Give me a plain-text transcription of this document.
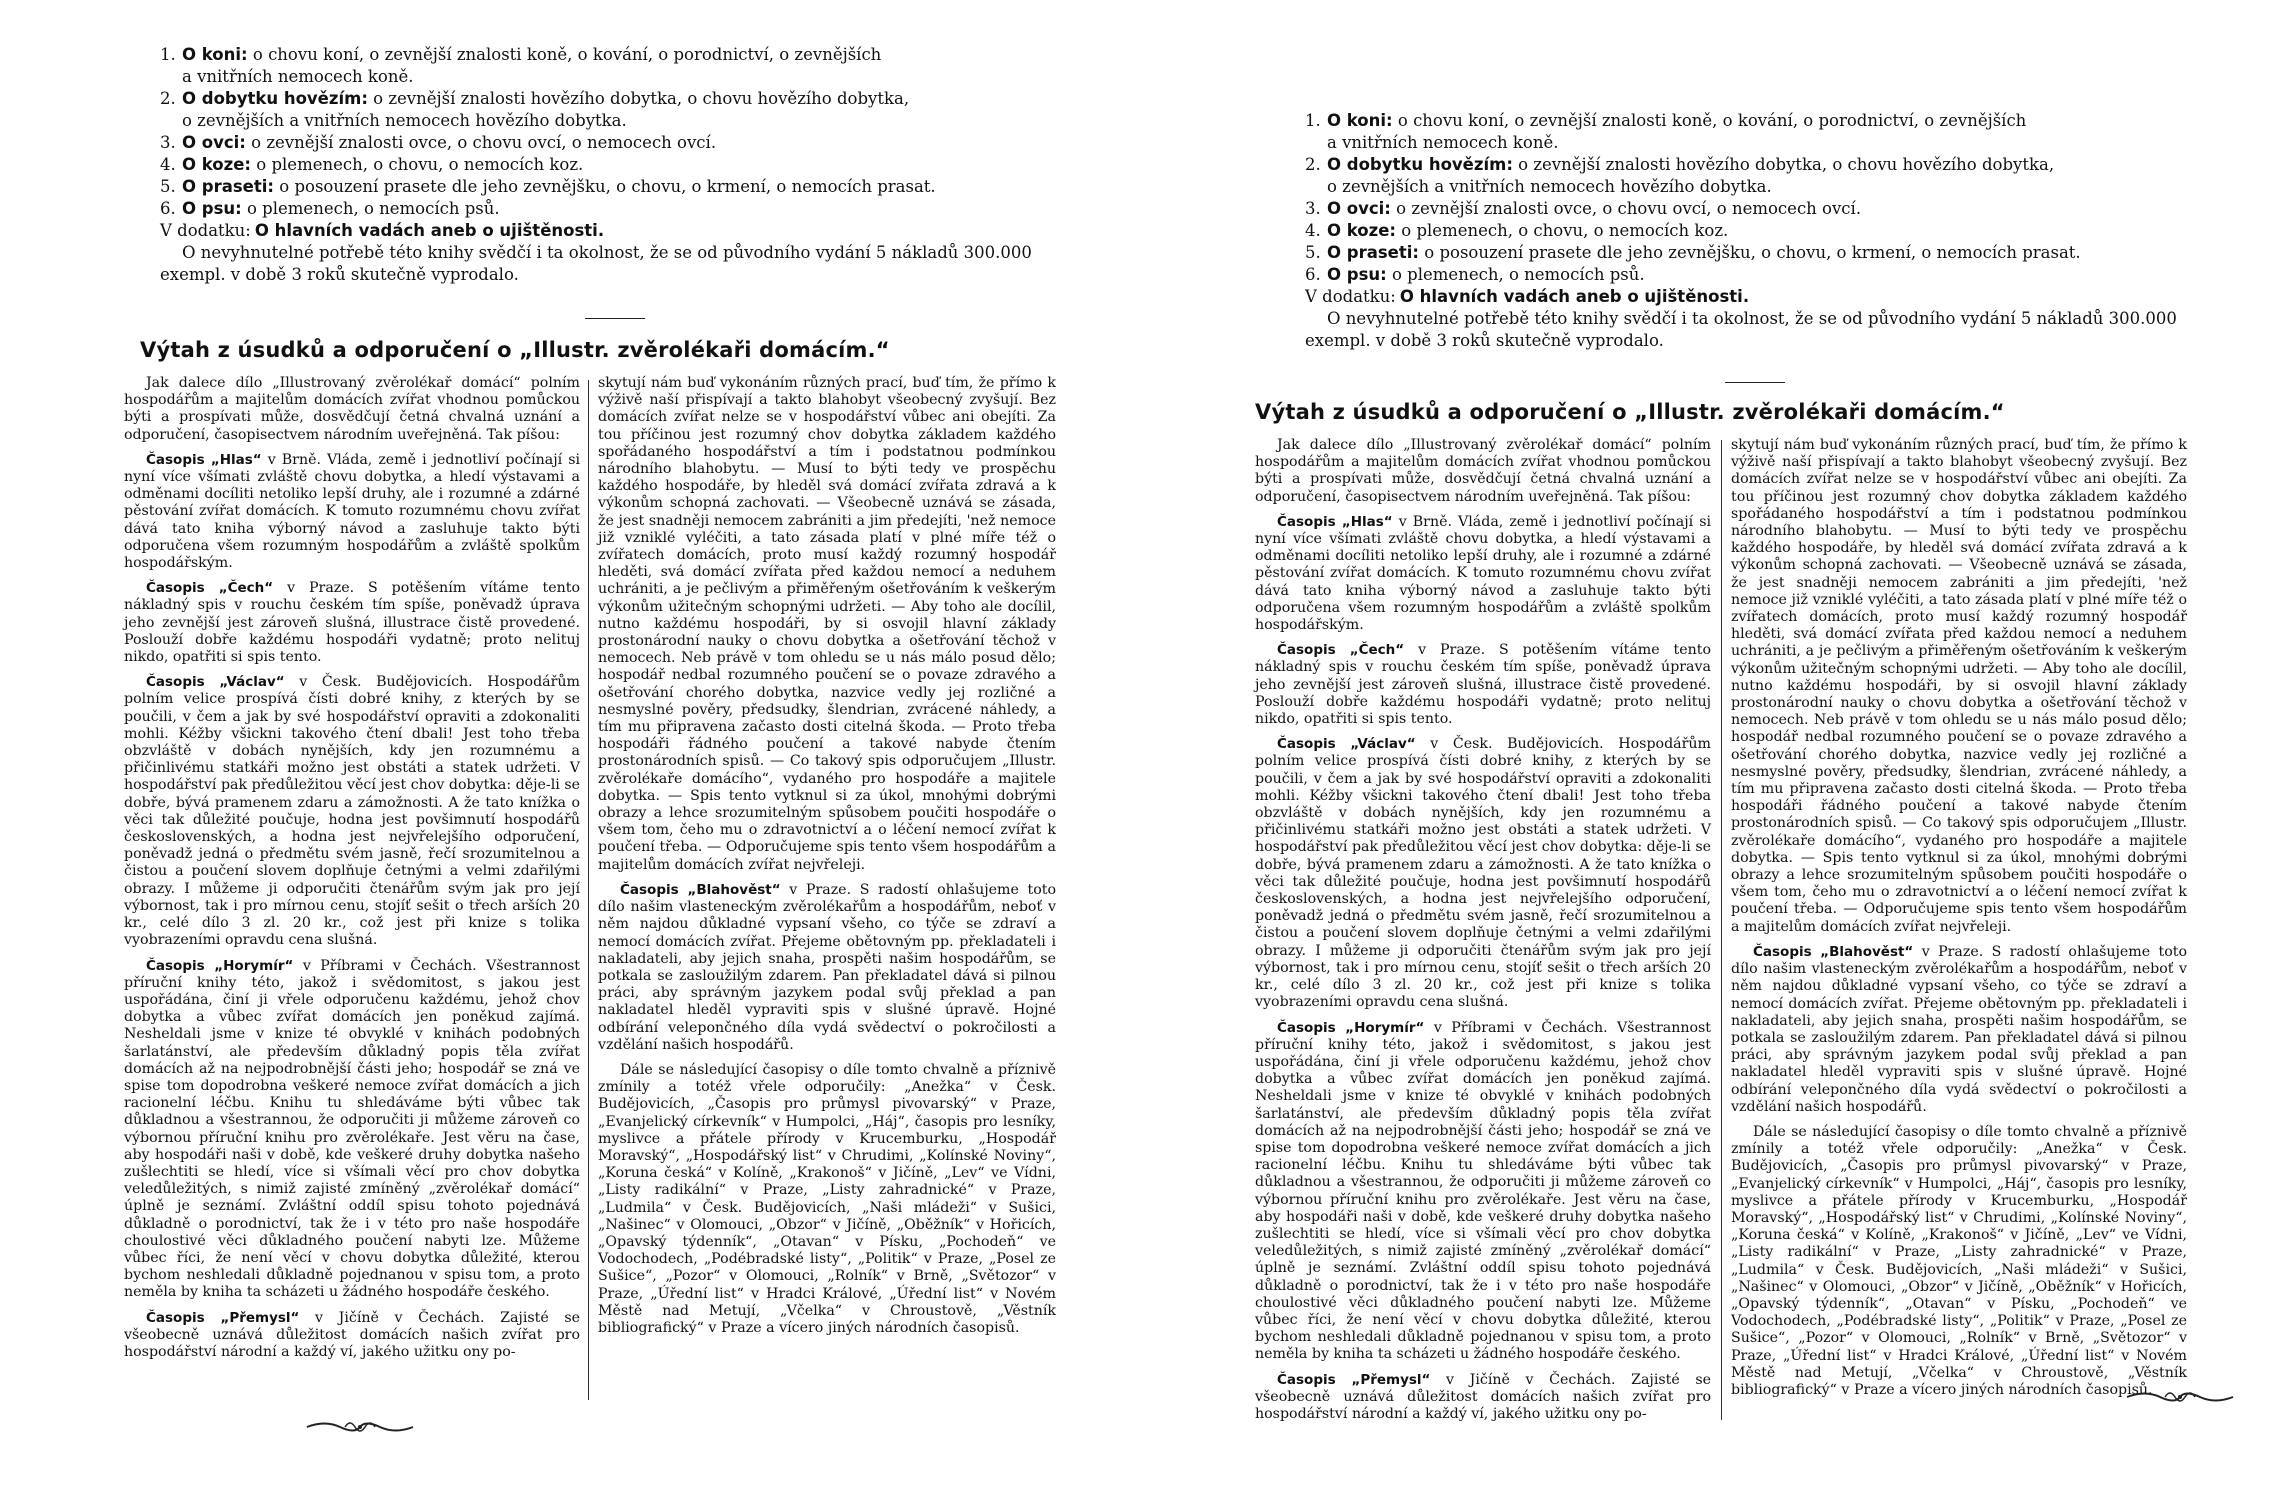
1. O koni: o chovu koní, o zevnější znalosti koně, o kování, o porodnictví, o zevnějších
a vnitřních nemocech koně.
2. O dobytku hovězím: o zevnější znalosti hovězího dobytka, o chovu hovězího dobytka,
o zevnějších a vnitřních nemocech hovězího dobytka.
3. O ovci: o zevnější znalosti ovce, o chovu ovcí, o nemocech ovcí.
4. O koze: o plemenech, o chovu, o nemocích koz.
5. O praseti: o posouzení prasete dle jeho zevnějšku, o chovu, o krmení, o nemocích prasat.
6. O psu: o plemenech, o nemocích psů.
V dodatku: O hlavních vadách aneb o ujištěnosti.
O nevyhnutelné potřebě této knihy svědčí i ta okolnost, že se od původního vydání 5 nákladů 300.000 exempl. v době 3 roků skutečně vyprodalo.
Výtah z úsudků a odporučení o „Illustr. zvěrolékaři domácím.“

Jak dalece dílo „Illustrovaný zvěrolékař domácí“ polním hospodářům a majitelům domácích zvířat vhodnou pomůckou býti a prospívati může, dosvědčují četná chvalná uznání a odporučení, časopisectvem národním uveřejněná. Tak píšou:

Časopis „Hlas“ v Brně. Vláda, země i jednotliví počínají si nyní více všímati zvláště chovu dobytka, a hledí výstavami a odměnami docíliti netoliko lepší druhy, ale i rozumné a zdárné pěstování zvířat domácích. K tomuto rozumnému chovu zvířat dává tato kniha výborný návod a zasluhuje takto býti odporučena všem rozumným hospodářům a zvláště spolkům hospodářským.

Časopis „Čech“ v Praze. S potěšením vítáme tento nákladný spis v rouchu českém tím spíše, poněvadž úprava jeho zevnější jest zároveň slušná, illustrace čistě provedené. Poslouží dobře každému hospodáři vydatně; proto nelituj nikdo, opatřiti si spis tento.

Časopis „Václav“ v Česk. Budějovicích. Hospodářům polním velice prospívá čísti dobré knihy, z kterých by se poučili, v čem a jak by své hospodářství opraviti a zdokonaliti mohli. Kéžby všickni takového čtení dbali! Jest toho třeba obzvláště v dobách nynějších, kdy jen rozumnému a přičinlivému statkáři možno jest obstáti a statek udržeti. V hospodářství pak předůležitou věcí jest chov dobytka: děje-li se dobře, bývá pramenem zdaru a zámožnosti. A že tato knížka o věci tak důležité poučuje, hodna jest povšimnutí hospodářů československých, a hodna jest nejvřelejšího odporučení, poněvadž jedná o předmětu svém jasně, řečí srozumitelnou a čistou a poučení slovem doplňuje četnými a velmi zdařilými obrazy. I můžeme ji odporučiti čtenářům svým jak pro její výbornost, tak i pro mírnou cenu, stojíť sešit o třech arších 20 kr., celé dílo 3 zl. 20 kr., což jest při knize s tolika vyobrazeními opravdu cena slušná.

Časopis „Horymír“ v Příbrami v Čechách. Všestrannost příruční knihy této, jakož i svědomitost, s jakou jest uspořádána, činí ji vřele odporučenu každému, jehož chov dobytka a vůbec zvířat domácích jen poněkud zajímá. Nesheldali jsme v knize té obvyklé v knihách podobných šarlatánství, ale především důkladný popis těla zvířat domácích až na nejpodrobnější části jeho; hospodář se zná ve spise tom dopodrobna veškeré nemoce zvířat domácích a jich racionelní léčbu. Knihu tu shledáváme býti vůbec tak důkladnou a všestrannou, že odporučiti ji můžeme zároveň co výbornou příruční knihu pro zvěrolékaře. Jest věru na čase, aby hospodáři naši v době, kde veškeré druhy dobytka našeho zušlechtiti se hledí, více si všímali věcí pro chov dobytka veledůležitých, s nimiž zajisté zmíněný „zvěrolékař domácí“ úplně je seznámí. Zvláštní oddíl spisu tohoto pojednává důkladně o porodnictví, tak že i v této pro naše hospodáře choulostivé věci důkladného poučení nabyti lze. Můžeme vůbec říci, že není věcí v chovu dobytka důležité, kterou bychom neshledali důkladně pojednanou v spisu tom, a proto neměla by kniha ta scházeti u žádného hospodáře českého.

Časopis „Přemysl“ v Jičíně v Čechách. Zajisté se všeobecně uznává důležitost domácích našich zvířat pro hospodářství národní a každý ví, jakého užitku ony po-

skytují nám buď vykonáním různých prací, buď tím, že přímo k výživě naší přispívají a takto blahobyt všeobecný zvyšují. Bez domácích zvířat nelze se v hospodářství vůbec ani obejíti. Za tou příčinou jest rozumný chov dobytka základem každého spořádaného hospodářství a tím i podstatnou podmínkou národního blahobytu. — Musí to býti tedy ve prospěchu každého hospodáře, by hleděl svá domácí zvířata zdravá a k výkonům schopná zachovati. — Všeobecně uznává se zásada, že jest snadněji nemocem zabrániti a jim předejíti, 'než nemoce již vzniklé vyléčiti, a tato zásada platí v plné míře též o zvířatech domácích, proto musí každý rozumný hospodář hleděti, svá domácí zvířata před každou nemocí a neduhem uchrániti, a je pečlivým a přiměřeným ošetřováním k veškerým výkonům užitečným schopnými udržeti. — Aby toho ale docílil, nutno každému hospodáři, by si osvojil hlavní základy prostonárodní nauky o chovu dobytka a ošetřování těchož v nemocech. Neb právě v tom ohledu se u nás málo posud dělo; hospodář nedbal rozumného poučení se o povaze zdravého a ošetřování chorého dobytka, nazvice vedly jej rozličné a nesmyslné pověry, předsudky, šlendrian, zvrácené náhledy, a tím mu připravena začasto dosti citelná škoda. — Proto třeba hospodáři řádného poučení a takové nabyde čtením prostonárodních spisů. — Co takový spis odporučujem „Illustr. zvěrolékaře domácího“, vydaného pro hospodáře a majitele dobytka. — Spis tento vytknul si za úkol, mnohými dobrými obrazy a lehce srozumitelným spůsobem poučiti hospodáře o všem tom, čeho mu o zdravotnictví a o léčení nemocí zvířat k poučení třeba. — Odporučujeme spis tento všem hospodářům a majitelům domácích zvířat nejvřeleji.

Časopis „Blahověst“ v Praze. S radostí ohlašujeme toto dílo našim vlasteneckým zvěrolékařům a hospodářům, neboť v něm najdou důkladné vypsaní všeho, co týče se zdraví a nemocí domácích zvířat. Přejeme obětovným pp. překladateli i nakladateli, aby jejich snaha, prospěti našim hospodářům, se potkala se zasloužilým zdarem. Pan překladatel dává si pilnou práci, aby správným jazykem podal svůj překlad a pan nakladatel hleděl vypraviti spis v slušné úpravě. Hojné odbírání velepončného díla vydá svědectví o pokročilosti a vzdělání našich hospodářů.

Dále se následující časopisy o díle tomto chvalně a příznivě zmínily a totéž vřele odporučily: „Anežka“ v Česk. Budějovicích, „Časopis pro průmysl pivovarský“ v Praze, „Evanjelický církevník“ v Humpolci, „Háj“, časopis pro lesníky, myslivce a přátele přírody v Krucemburku, „Hospodář Moravský“, „Hospodářský list“ v Chrudimi, „Kolínské Noviny“, „Koruna česká“ v Kolíně, „Krakonoš“ v Jičíně, „Lev“ ve Vídni, „Listy radikální“ v Praze, „Listy zahradnické“ v Praze, „Ludmila“ v Česk. Budějovicích, „Naši mládeži“ v Sušici, „Našinec“ v Olomouci, „Obzor“ v Jičíně, „Oběžník“ v Hořicích, „Opavský týdenník“, „Otavan“ v Písku, „Pochodeň“ ve Vodochodech, „Podébradské listy“, „Politik“ v Praze, „Posel ze Sušice“, „Pozor“ v Olomouci, „Rolník“ v Brně, „Světozor“ v Praze, „Úřední list“ v Hradci Králové, „Úřední list“ v Novém Městě nad Metují, „Včelka“ v Chroustově, „Věstník bibliografický“ v Praze a vícero jiných národních časopisů.

1. O koni: o chovu koní, o zevnější znalosti koně, o kování, o porodnictví, o zevnějších
a vnitřních nemocech koně.
2. O dobytku hovězím: o zevnější znalosti hovězího dobytka, o chovu hovězího dobytka,
o zevnějších a vnitřních nemocech hovězího dobytka.
3. O ovci: o zevnější znalosti ovce, o chovu ovcí, o nemocech ovcí.
4. O koze: o plemenech, o chovu, o nemocích koz.
5. O praseti: o posouzení prasete dle jeho zevnějšku, o chovu, o krmení, o nemocích prasat.
6. O psu: o plemenech, o nemocích psů.
V dodatku: O hlavních vadách aneb o ujištěnosti.
O nevyhnutelné potřebě této knihy svědčí i ta okolnost, že se od původního vydání 5 nákladů 300.000 exempl. v době 3 roků skutečně vyprodalo.
Výtah z úsudků a odporučení o „Illustr. zvěrolékaři domácím.“

Jak dalece dílo „Illustrovaný zvěrolékař domácí“ polním hospodářům a majitelům domácích zvířat vhodnou pomůckou býti a prospívati může, dosvědčují četná chvalná uznání a odporučení, časopisectvem národním uveřejněná. Tak píšou:

Časopis „Hlas“ v Brně. Vláda, země i jednotliví počínají si nyní více všímati zvláště chovu dobytka, a hledí výstavami a odměnami docíliti netoliko lepší druhy, ale i rozumné a zdárné pěstování zvířat domácích. K tomuto rozumnému chovu zvířat dává tato kniha výborný návod a zasluhuje takto býti odporučena všem rozumným hospodářům a zvláště spolkům hospodářským.

Časopis „Čech“ v Praze. S potěšením vítáme tento nákladný spis v rouchu českém tím spíše, poněvadž úprava jeho zevnější jest zároveň slušná, illustrace čistě provedené. Poslouží dobře každému hospodáři vydatně; proto nelituj nikdo, opatřiti si spis tento.

Časopis „Václav“ v Česk. Budějovicích. Hospodářům polním velice prospívá čísti dobré knihy, z kterých by se poučili, v čem a jak by své hospodářství opraviti a zdokonaliti mohli. Kéžby všickni takového čtení dbali! Jest toho třeba obzvláště v dobách nynějších, kdy jen rozumnému a přičinlivému statkáři možno jest obstáti a statek udržeti. V hospodářství pak předůležitou věcí jest chov dobytka: děje-li se dobře, bývá pramenem zdaru a zámožnosti. A že tato knížka o věci tak důležité poučuje, hodna jest povšimnutí hospodářů československých, a hodna jest nejvřelejšího odporučení, poněvadž jedná o předmětu svém jasně, řečí srozumitelnou a čistou a poučení slovem doplňuje četnými a velmi zdařilými obrazy. I můžeme ji odporučiti čtenářům svým jak pro její výbornost, tak i pro mírnou cenu, stojíť sešit o třech arších 20 kr., celé dílo 3 zl. 20 kr., což jest při knize s tolika vyobrazeními opravdu cena slušná.

Časopis „Horymír“ v Příbrami v Čechách. Všestrannost příruční knihy této, jakož i svědomitost, s jakou jest uspořádána, činí ji vřele odporučenu každému, jehož chov dobytka a vůbec zvířat domácích jen poněkud zajímá. Nesheldali jsme v knize té obvyklé v knihách podobných šarlatánství, ale především důkladný popis těla zvířat domácích až na nejpodrobnější části jeho; hospodář se zná ve spise tom dopodrobna veškeré nemoce zvířat domácích a jich racionelní léčbu. Knihu tu shledáváme býti vůbec tak důkladnou a všestrannou, že odporučiti ji můžeme zároveň co výbornou příruční knihu pro zvěrolékaře. Jest věru na čase, aby hospodáři naši v době, kde veškeré druhy dobytka našeho zušlechtiti se hledí, více si všímali věcí pro chov dobytka veledůležitých, s nimiž zajisté zmíněný „zvěrolékař domácí“ úplně je seznámí. Zvláštní oddíl spisu tohoto pojednává důkladně o porodnictví, tak že i v této pro naše hospodáře choulostivé věci důkladného poučení nabyti lze. Můžeme vůbec říci, že není věcí v chovu dobytka důležité, kterou bychom neshledali důkladně pojednanou v spisu tom, a proto neměla by kniha ta scházeti u žádného hospodáře českého.

Časopis „Přemysl“ v Jičíně v Čechách. Zajisté se všeobecně uznává důležitost domácích našich zvířat pro hospodářství národní a každý ví, jakého užitku ony po-

skytují nám buď vykonáním různých prací, buď tím, že přímo k výživě naší přispívají a takto blahobyt všeobecný zvyšují. Bez domácích zvířat nelze se v hospodářství vůbec ani obejíti. Za tou příčinou jest rozumný chov dobytka základem každého spořádaného hospodářství a tím i podstatnou podmínkou národního blahobytu. — Musí to býti tedy ve prospěchu každého hospodáře, by hleděl svá domácí zvířata zdravá a k výkonům schopná zachovati. — Všeobecně uznává se zásada, že jest snadněji nemocem zabrániti a jim předejíti, 'než nemoce již vzniklé vyléčiti, a tato zásada platí v plné míře též o zvířatech domácích, proto musí každý rozumný hospodář hleděti, svá domácí zvířata před každou nemocí a neduhem uchrániti, a je pečlivým a přiměřeným ošetřováním k veškerým výkonům užitečným schopnými udržeti. — Aby toho ale docílil, nutno každému hospodáři, by si osvojil hlavní základy prostonárodní nauky o chovu dobytka a ošetřování těchož v nemocech. Neb právě v tom ohledu se u nás málo posud dělo; hospodář nedbal rozumného poučení se o povaze zdravého a ošetřování chorého dobytka, nazvice vedly jej rozličné a nesmyslné pověry, předsudky, šlendrian, zvrácené náhledy, a tím mu připravena začasto dosti citelná škoda. — Proto třeba hospodáři řádného poučení a takové nabyde čtením prostonárodních spisů. — Co takový spis odporučujem „Illustr. zvěrolékaře domácího“, vydaného pro hospodáře a majitele dobytka. — Spis tento vytknul si za úkol, mnohými dobrými obrazy a lehce srozumitelným spůsobem poučiti hospodáře o všem tom, čeho mu o zdravotnictví a o léčení nemocí zvířat k poučení třeba. — Odporučujeme spis tento všem hospodářům a majitelům domácích zvířat nejvřeleji.

Časopis „Blahověst“ v Praze. S radostí ohlašujeme toto dílo našim vlasteneckým zvěrolékařům a hospodářům, neboť v něm najdou důkladné vypsaní všeho, co týče se zdraví a nemocí domácích zvířat. Přejeme obětovným pp. překladateli i nakladateli, aby jejich snaha, prospěti našim hospodářům, se potkala se zasloužilým zdarem. Pan překladatel dává si pilnou práci, aby správným jazykem podal svůj překlad a pan nakladatel hleděl vypraviti spis v slušné úpravě. Hojné odbírání velepončného díla vydá svědectví o pokročilosti a vzdělání našich hospodářů.

Dále se následující časopisy o díle tomto chvalně a příznivě zmínily a totéž vřele odporučily: „Anežka“ v Česk. Budějovicích, „Časopis pro průmysl pivovarský“ v Praze, „Evanjelický církevník“ v Humpolci, „Háj“, časopis pro lesníky, myslivce a přátele přírody v Krucemburku, „Hospodář Moravský“, „Hospodářský list“ v Chrudimi, „Kolínské Noviny“, „Koruna česká“ v Kolíně, „Krakonoš“ v Jičíně, „Lev“ ve Vídni, „Listy radikální“ v Praze, „Listy zahradnické“ v Praze, „Ludmila“ v Česk. Budějovicích, „Naši mládeži“ v Sušici, „Našinec“ v Olomouci, „Obzor“ v Jičíně, „Oběžník“ v Hořicích, „Opavský týdenník“, „Otavan“ v Písku, „Pochodeň“ ve Vodochodech, „Podébradské listy“, „Politik“ v Praze, „Posel ze Sušice“, „Pozor“ v Olomouci, „Rolník“ v Brně, „Světozor“ v Praze, „Úřední list“ v Hradci Králové, „Úřední list“ v Novém Městě nad Metují, „Včelka“ v Chroustově, „Věstník bibliografický“ v Praze a vícero jiných národních časopisů.
